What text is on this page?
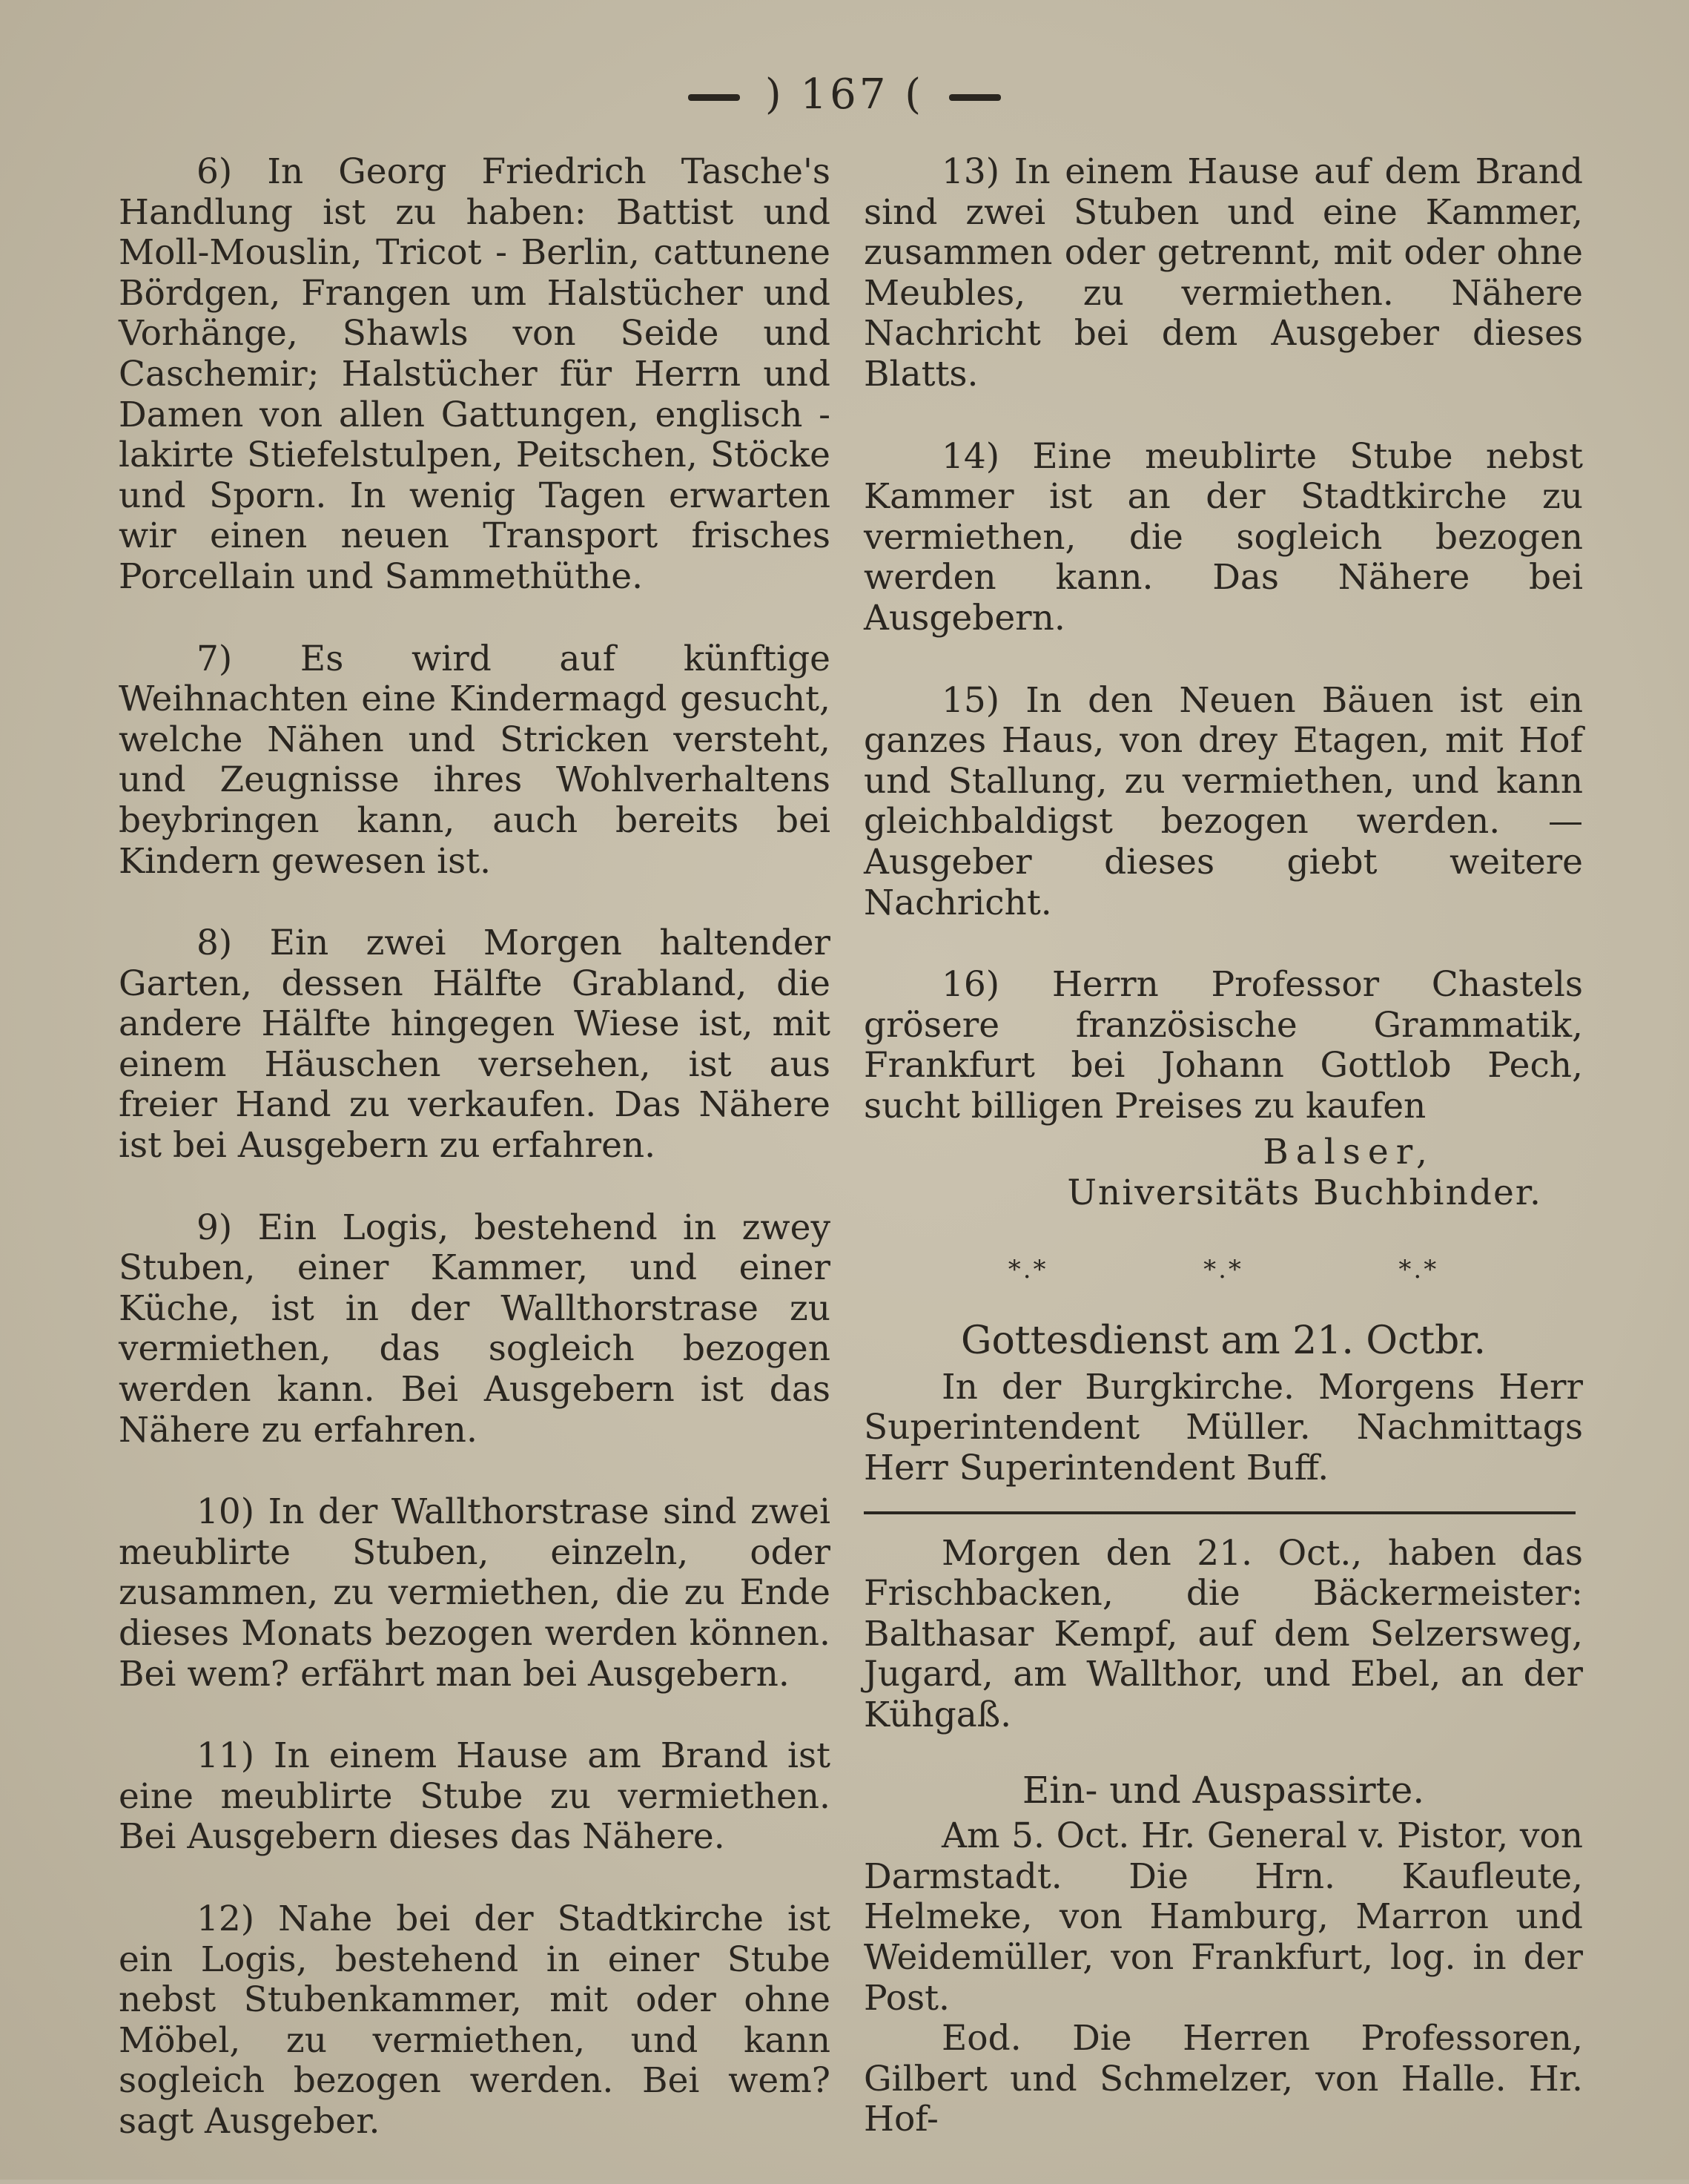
) 167 (

6) In Georg Friedrich Tasche's Handlung ist zu haben: Battist und Moll-Mouslin, Tricot - Berlin, cattunene Bördgen, Frangen um Halstücher und Vorhänge, Shawls von Seide und Caschemir; Halstücher für Herrn und Damen von allen Gattungen, englisch - lakirte Stiefelstulpen, Peitschen, Stöcke und Sporn. In wenig Tagen erwarten wir einen neuen Transport frisches Porcellain und Sammethüthe.

7) Es wird auf künftige Weihnachten eine Kindermagd gesucht, welche Nähen und Stricken versteht, und Zeugnisse ihres Wohlverhaltens beybringen kann, auch bereits bei Kindern gewesen ist.

8) Ein zwei Morgen haltender Garten, dessen Hälfte Grabland, die andere Hälfte hingegen Wiese ist, mit einem Häuschen versehen, ist aus freier Hand zu verkaufen. Das Nähere ist bei Ausgebern zu erfahren.

9) Ein Logis, bestehend in zwey Stuben, einer Kammer, und einer Küche, ist in der Wallthorstrase zu vermiethen, das sogleich bezogen werden kann. Bei Ausgebern ist das Nähere zu erfahren.

10) In der Wallthorstrase sind zwei meublirte Stuben, einzeln, oder zusammen, zu vermiethen, die zu Ende dieses Monats bezogen werden können. Bei wem? erfährt man bei Ausgebern.

11) In einem Hause am Brand ist eine meublirte Stube zu vermiethen. Bei Ausgebern dieses das Nähere.

12) Nahe bei der Stadtkirche ist ein Logis, bestehend in einer Stube nebst Stubenkammer, mit oder ohne Möbel, zu vermiethen, und kann sogleich bezogen werden. Bei wem? sagt Ausgeber.

13) In einem Hause auf dem Brand sind zwei Stuben und eine Kammer, zusammen oder getrennt, mit oder ohne Meubles, zu vermiethen. Nähere Nachricht bei dem Ausgeber dieses Blatts.

14) Eine meublirte Stube nebst Kammer ist an der Stadtkirche zu vermiethen, die sogleich bezogen werden kann. Das Nähere bei Ausgebern.

15) In den Neuen Bäuen ist ein ganzes Haus, von drey Etagen, mit Hof und Stallung, zu vermiethen, und kann gleichbaldigst bezogen werden. — Ausgeber dieses giebt weitere Nachricht.

16) Herrn Professor Chastels grösere französische Grammatik, Frankfurt bei Johann Gottlob Pech, sucht billigen Preises zu kaufen

Balser,

Universitäts Buchbinder.

*.*	*.*	*.*

Gottesdienst am 21. Octbr.

In der Burgkirche. Morgens Herr Superintendent Müller. Nachmittags Herr Superintendent Buff.

Morgen den 21. Oct., haben das Frischbacken, die Bäckermeister: Balthasar Kempf, auf dem Selzersweg, Jugard, am Wallthor, und Ebel, an der Kühgaß.

Ein- und Auspassirte.

Am 5. Oct. Hr. General v. Pistor, von Darmstadt. Die Hrn. Kaufleute, Helmeke, von Hamburg, Marron und Weidemüller, von Frankfurt, log. in der Post.

Eod. Die Herren Professoren, Gilbert und Schmelzer, von Halle. Hr. Hof-
